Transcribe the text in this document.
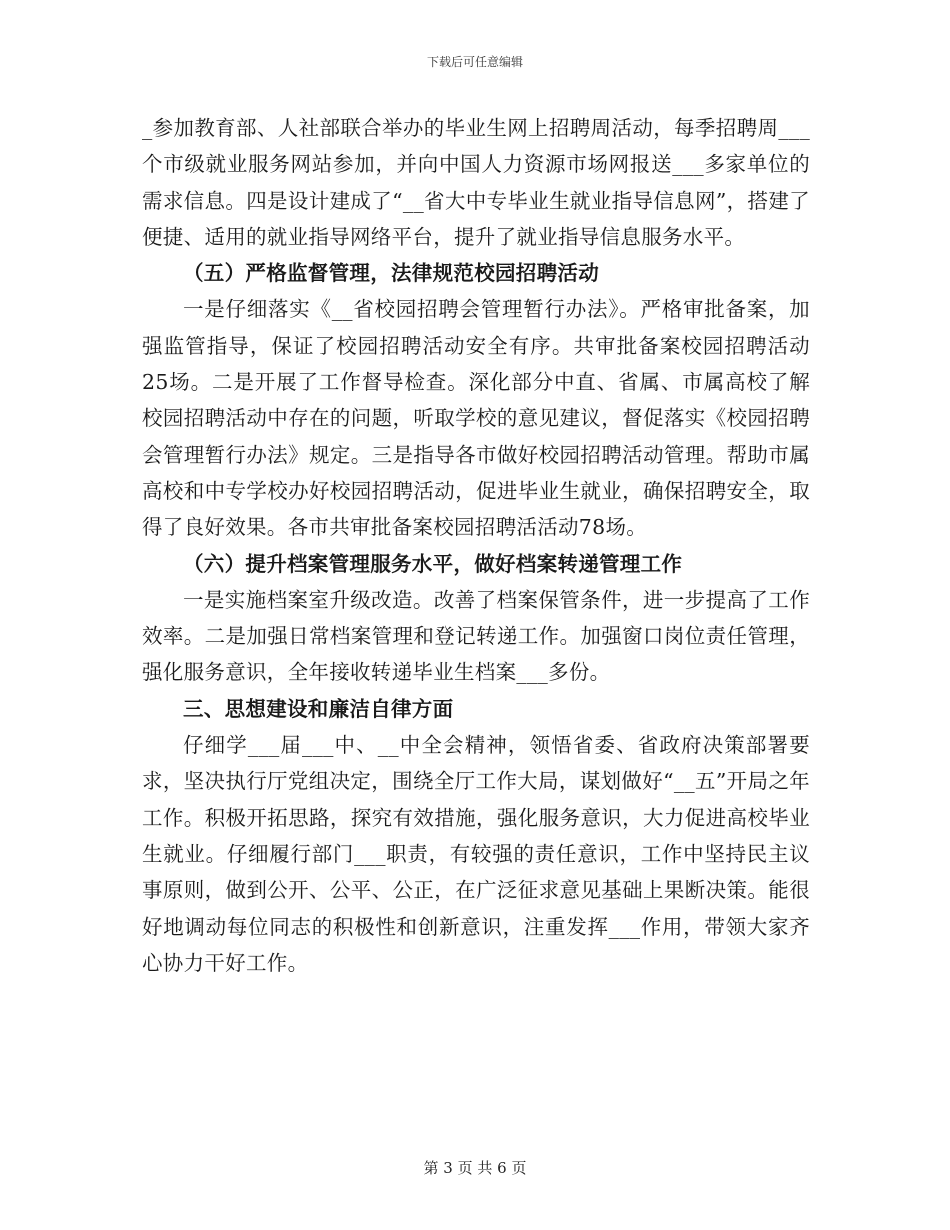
下载后可任意编辑

_参加教育部、人社部联合举办的毕业生网上招聘周活动，每季招聘周___个市级就业服务网站参加，并向中国人力资源市场网报送___多家单位的需求信息。四是设计建成了“__省大中专毕业生就业指导信息网”，搭建了便捷、适用的就业指导网络平台，提升了就业指导信息服务水平。

（五）严格监督管理，法律规范校园招聘活动

一是仔细落实《__省校园招聘会管理暂行办法》。严格审批备案，加强监管指导，保证了校园招聘活动安全有序。共审批备案校园招聘活动25场。二是开展了工作督导检查。深化部分中直、省属、市属高校了解校园招聘活动中存在的问题，听取学校的意见建议，督促落实《校园招聘会管理暂行办法》规定。三是指导各市做好校园招聘活动管理。帮助市属高校和中专学校办好校园招聘活动，促进毕业生就业，确保招聘安全，取得了良好效果。各市共审批备案校园招聘活活动78场。

（六）提升档案管理服务水平，做好档案转递管理工作

一是实施档案室升级改造。改善了档案保管条件，进一步提高了工作效率。二是加强日常档案管理和登记转递工作。加强窗口岗位责任管理，强化服务意识，全年接收转递毕业生档案___多份。

三、思想建设和廉洁自律方面

仔细学___届___中、__中全会精神，领悟省委、省政府决策部署要求，坚决执行厅党组决定，围绕全厅工作大局，谋划做好“__五”开局之年工作。积极开拓思路，探究有效措施，强化服务意识，大力促进高校毕业生就业。仔细履行部门___职责，有较强的责任意识，工作中坚持民主议事原则，做到公开、公平、公正，在广泛征求意见基础上果断决策。能很好地调动每位同志的积极性和创新意识，注重发挥___作用，带领大家齐心协力干好工作。

第 3 页 共 6 页
